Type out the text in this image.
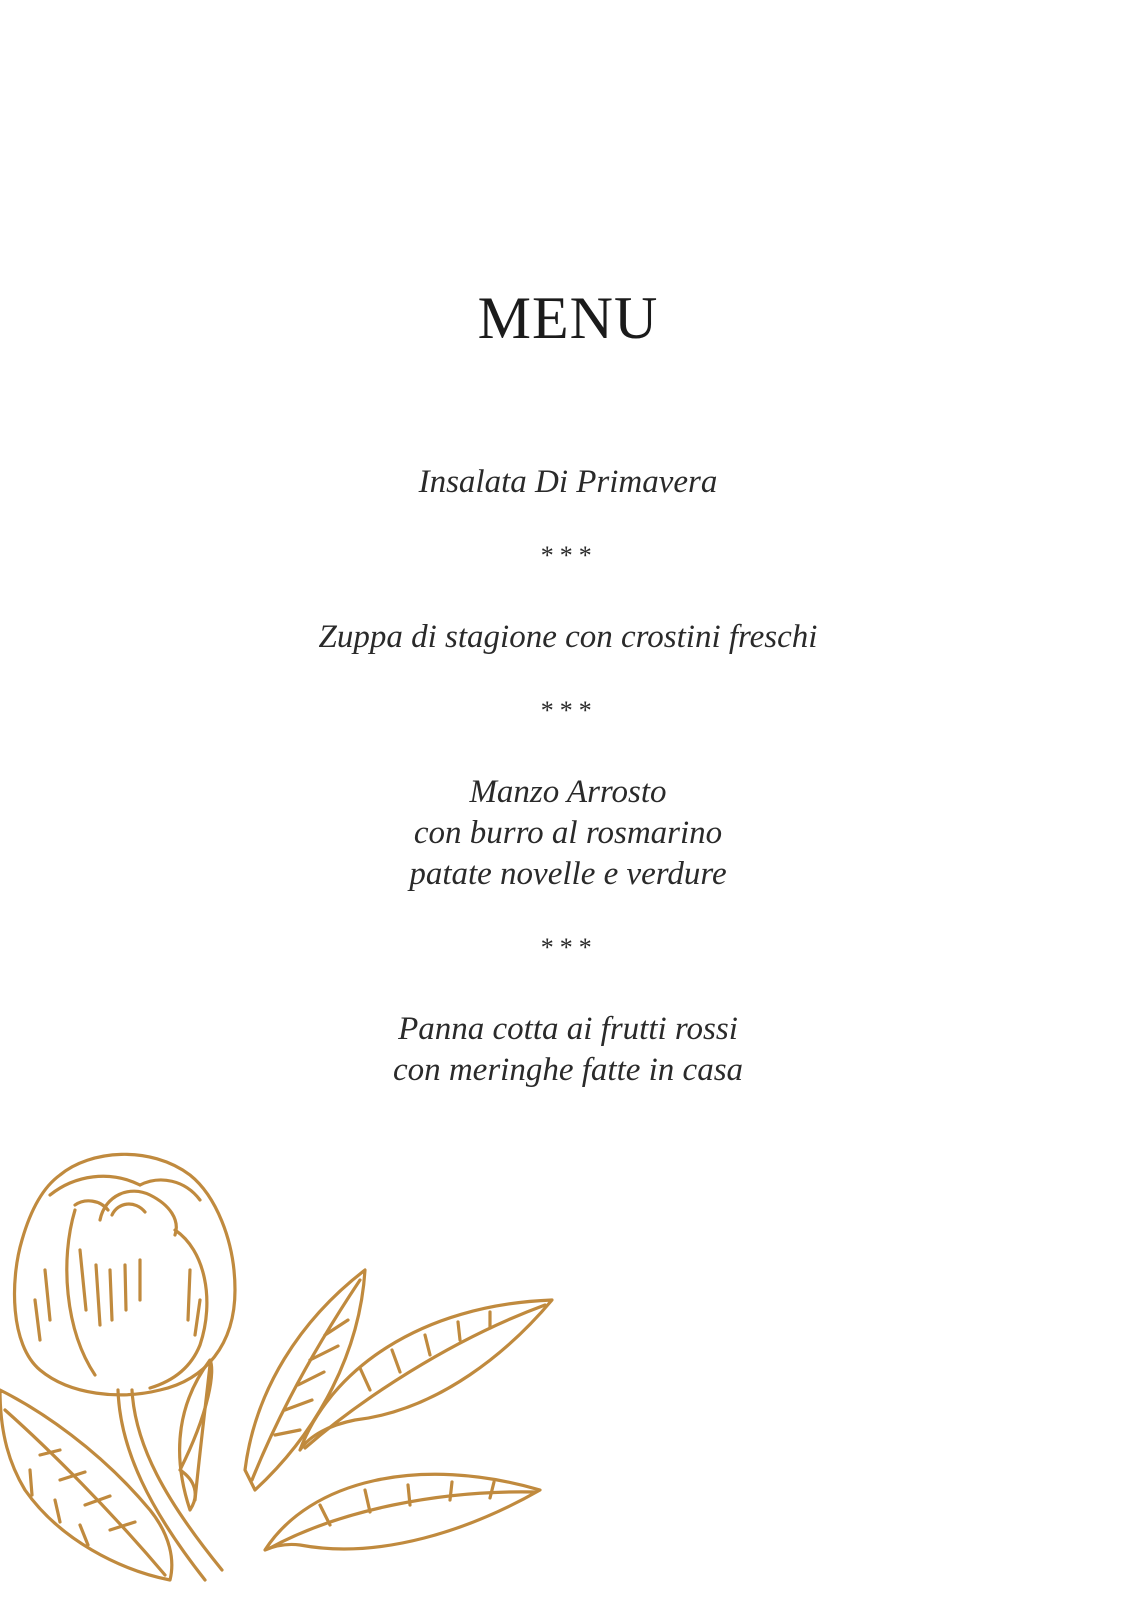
MENU
Insalata Di Primavera
***
Zuppa di stagione con crostini freschi
***
Manzo Arrosto
con burro al rosmarino
patate novelle e verdure
***
Panna cotta ai frutti rossi
con meringhe fatte in casa
